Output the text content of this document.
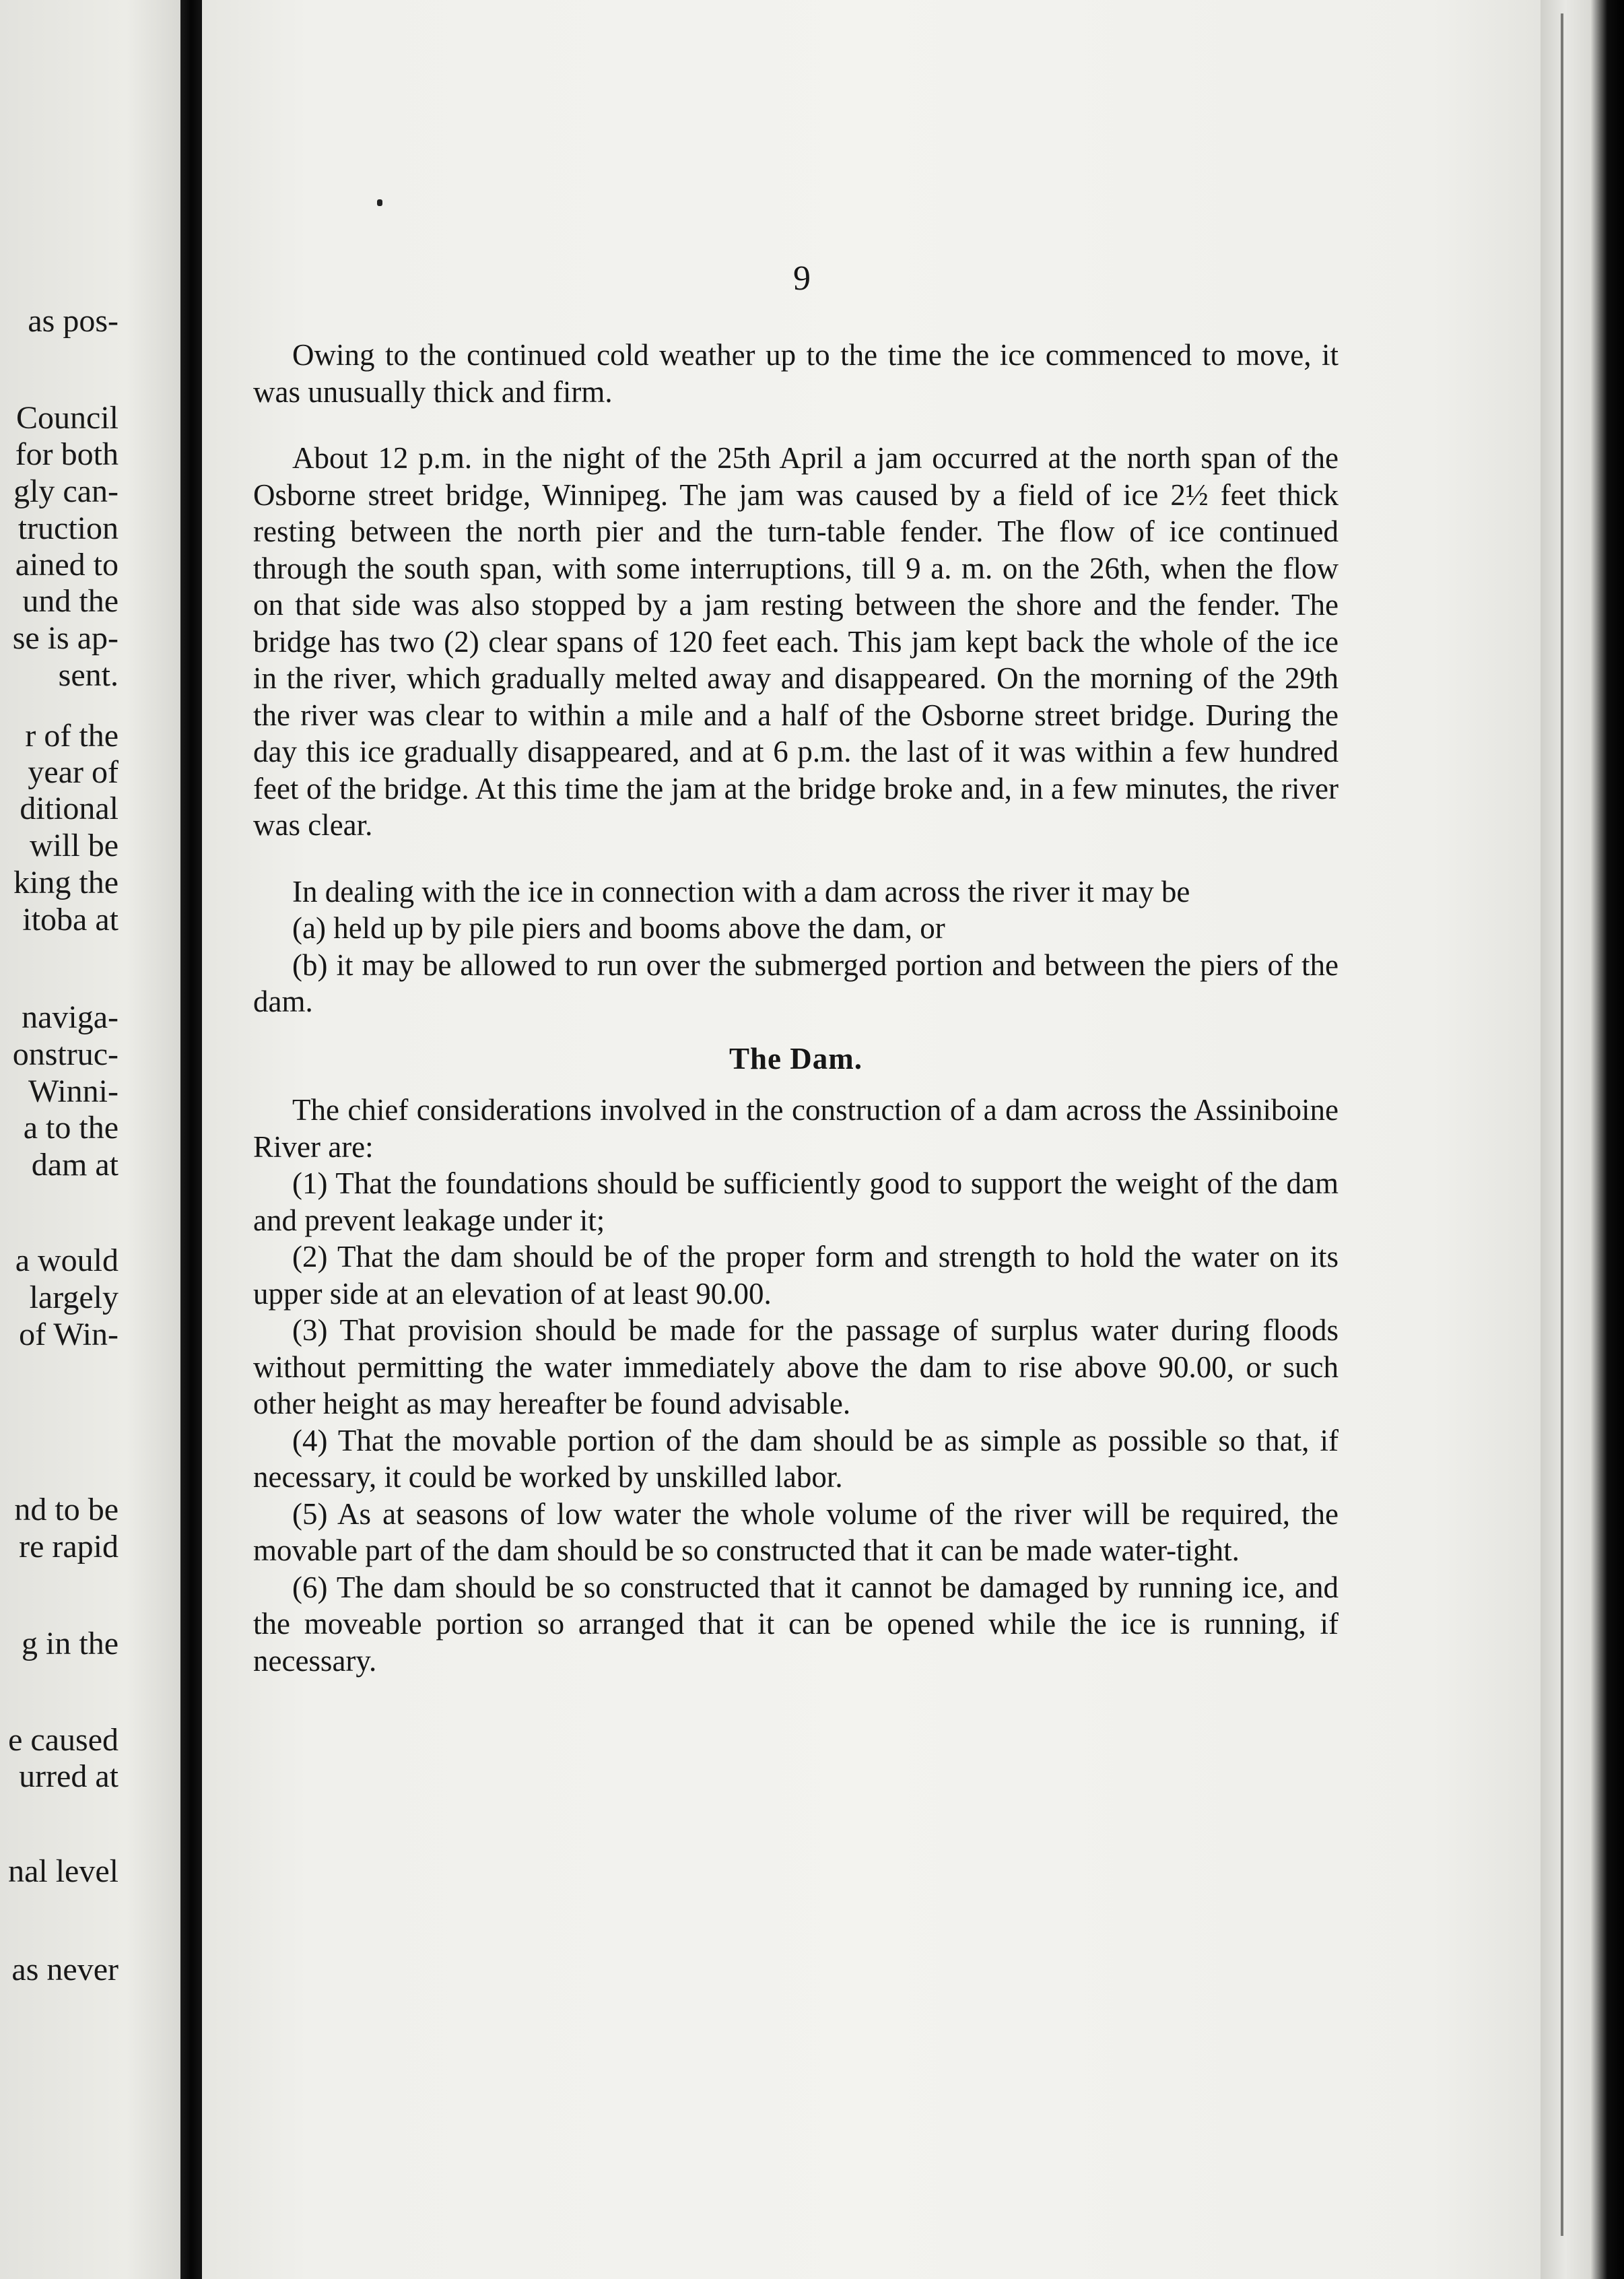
as pos-
Council
for both
gly can-
truction
ained to
und the
se is ap-
sent.
r of the
year of
ditional
will be
king the
itoba at
naviga-
onstruc-
Winni-
a to the
dam at
a would
largely
of Win-
nd to be
re rapid
g in the
e caused
urred at
nal level
as never
9

Owing to the continued cold weather up to the time the ice commenced to move, it was unusually thick and firm.

About 12 p.m. in the night of the 25th April a jam occurred at the north span of the Osborne street bridge, Winnipeg. The jam was caused by a field of ice 2½ feet thick resting between the north pier and the turn-table fender. The flow of ice continued through the south span, with some interruptions, till 9 a. m. on the 26th, when the flow on that side was also stopped by a jam resting between the shore and the fender. The bridge has two (2) clear spans of 120 feet each. This jam kept back the whole of the ice in the river, which gradually melted away and disappeared. On the morning of the 29th the river was clear to within a mile and a half of the Osborne street bridge. During the day this ice gradually disappeared, and at 6 p.m. the last of it was within a few hundred feet of the bridge. At this time the jam at the bridge broke and, in a few minutes, the river was clear.

In dealing with the ice in connection with a dam across the river it may be

(a) held up by pile piers and booms above the dam, or

(b) it may be allowed to run over the submerged portion and between the piers of the dam.

The Dam.

The chief considerations involved in the construction of a dam across the Assiniboine River are:

(1) That the foundations should be sufficiently good to support the weight of the dam and prevent leakage under it;

(2) That the dam should be of the proper form and strength to hold the water on its upper side at an elevation of at least 90.00.

(3) That provision should be made for the passage of surplus water during floods without permitting the water immediately above the dam to rise above 90.00, or such other height as may hereafter be found advisable.

(4) That the movable portion of the dam should be as simple as possible so that, if necessary, it could be worked by unskilled labor.

(5) As at seasons of low water the whole volume of the river will be required, the movable part of the dam should be so constructed that it can be made water-tight.

(6) The dam should be so constructed that it cannot be damaged by running ice, and the moveable portion so arranged that it can be opened while the ice is running, if necessary.
